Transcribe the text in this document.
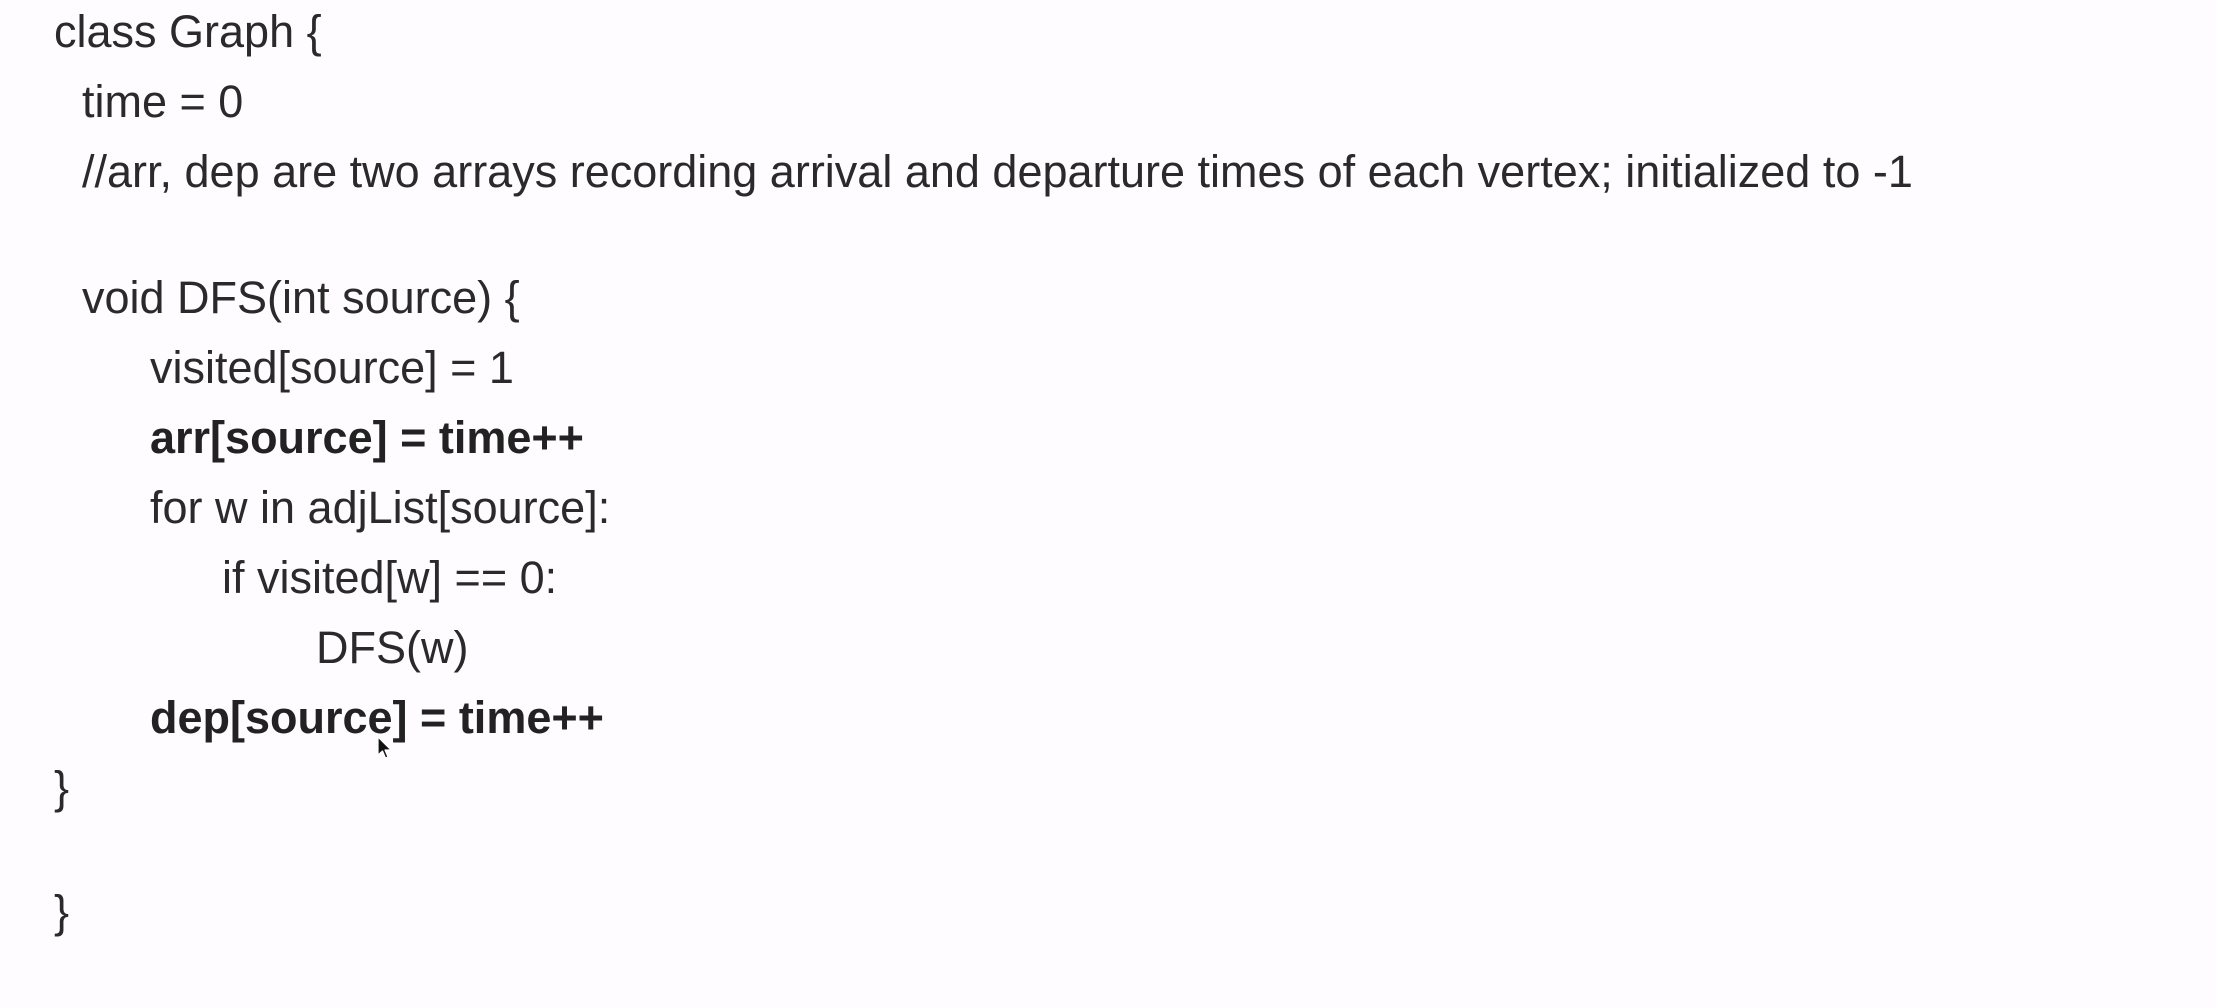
class Graph {
time = 0
//arr, dep are two arrays recording arrival and departure times of each vertex; initialized to -1
void DFS(int source) {
visited[source] = 1
arr[source] = time++
for w in adjList[source]:
if visited[w] == 0:
DFS(w)
dep[source] = time++
}
}
